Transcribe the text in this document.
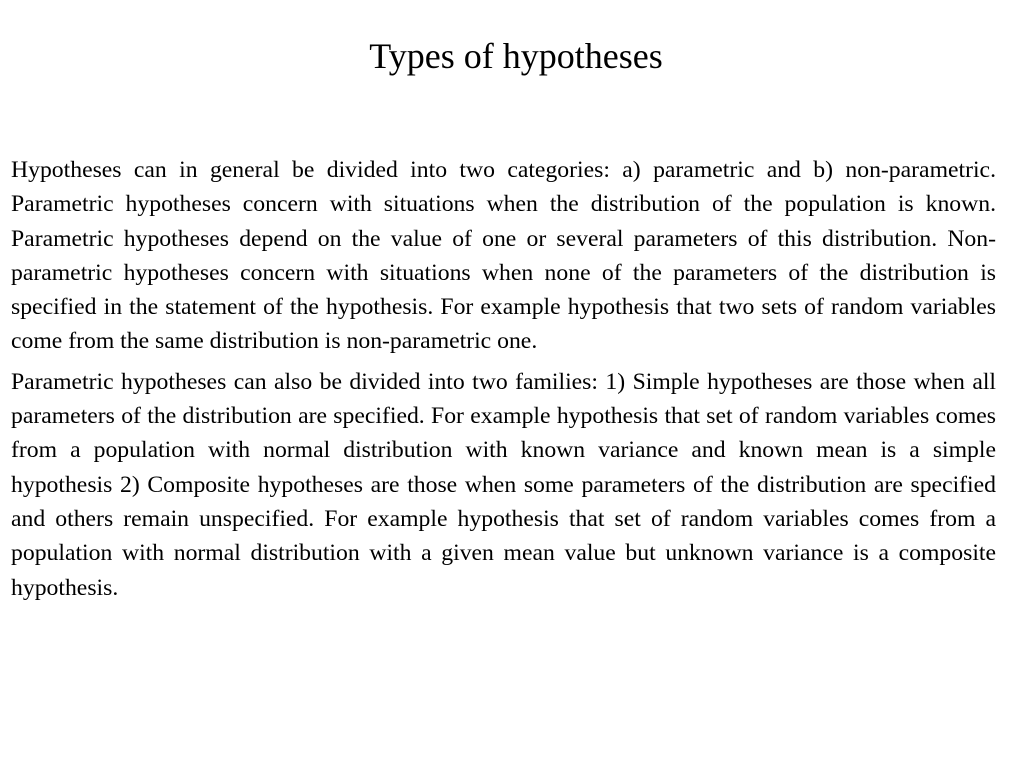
Types of hypotheses

Hypotheses can in general be divided into two categories: a) parametric and b) non-parametric. Parametric hypotheses concern with situations when the distribution of the population is known. Parametric hypotheses depend on the value of one or several parameters of this distribution. Non-parametric hypotheses concern with situations when none of the parameters of the distribution is specified in the statement of the hypothesis. For example hypothesis that two sets of random variables come from the same distribution is non-parametric one.

Parametric hypotheses can also be divided into two families: 1) Simple hypotheses are those when all parameters of the distribution are specified. For example hypothesis that set of random variables comes from a population with normal distribution with known variance and known mean is a simple hypothesis 2) Composite hypotheses are those when some parameters of the distribution are specified and others remain unspecified. For example hypothesis that set of random variables comes from a population with normal distribution with a given mean value but unknown variance is a composite hypothesis.
